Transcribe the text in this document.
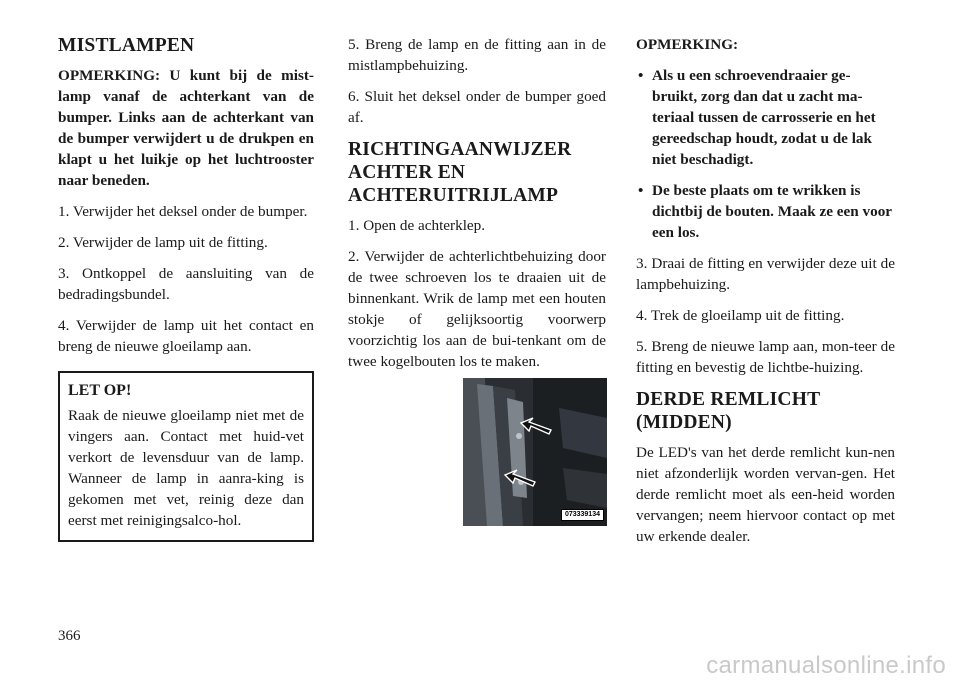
MISTLAMPEN

OPMERKING: U kunt bij de mist-lamp vanaf de achterkant van de bumper. Links aan de achterkant van de bumper verwijdert u de drukpen en klapt u het luikje op het luchtrooster naar beneden.

1. Verwijder het deksel onder de bumper.

2. Verwijder de lamp uit de fitting.

3. Ontkoppel de aansluiting van de bedradingsbundel.

4. Verwijder de lamp uit het contact en breng de nieuwe gloeilamp aan.

LET OP!

Raak de nieuwe gloeilamp niet met de vingers aan. Contact met huid-vet verkort de levensduur van de lamp. Wanneer de lamp in aanra-king is gekomen met vet, reinig deze dan eerst met reinigingsalco-hol.

5. Breng de lamp en de fitting aan in de mistlampbehuizing.

6. Sluit het deksel onder de bumper goed af.

RICHTINGAANWIJZER ACHTER EN ACHTERUITRIJLAMP

1. Open de achterklep.

2. Verwijder de achterlichtbehuizing door de twee schroeven los te draaien uit de binnenkant. Wrik de lamp met een houten stokje of gelijksoortig voorwerp voorzichtig los aan de bui-tenkant om de twee kogelbouten los te maken.

073339134

OPMERKING:

• Als u een schroevendraaier ge-bruikt, zorg dan dat u zacht ma-teriaal tussen de carrosserie en het gereedschap houdt, zodat u de lak niet beschadigt.
• De beste plaats om te wrikken is dichtbij de bouten. Maak ze een voor een los.

3. Draai de fitting en verwijder deze uit de lampbehuizing.

4. Trek de gloeilamp uit de fitting.

5. Breng de nieuwe lamp aan, mon-teer de fitting en bevestig de lichtbe-huizing.

DERDE REMLICHT (MIDDEN)

De LED's van het derde remlicht kun-nen niet afzonderlijk worden vervan-gen. Het derde remlicht moet als een-heid worden vervangen; neem hiervoor contact op met uw erkende dealer.

366
carmanualsonline.info
